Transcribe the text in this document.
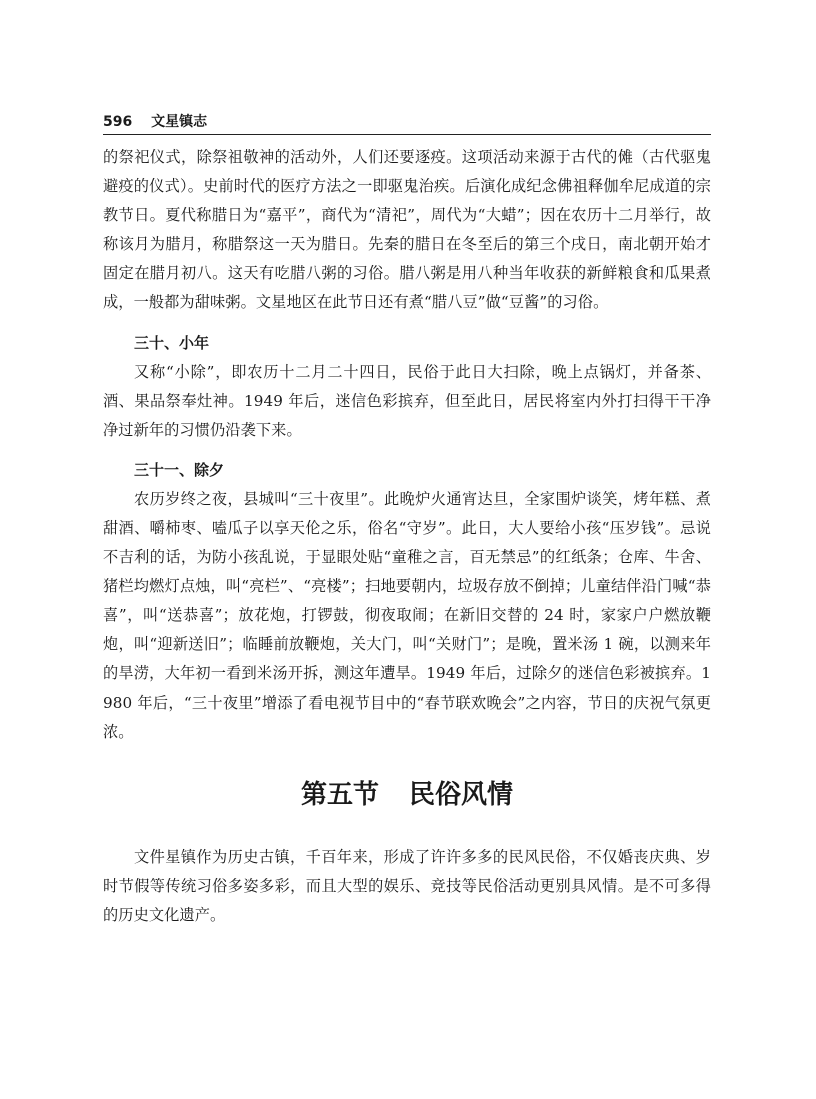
596 文星镇志

的祭祀仪式，除祭祖敬神的活动外，人们还要逐疫。这项活动来源于古代的傩（古代驱鬼避疫的仪式）。史前时代的医疗方法之一即驱鬼治疾。后演化成纪念佛祖释伽牟尼成道的宗教节日。夏代称腊日为“嘉平”，商代为“清祀”，周代为“大蜡”；因在农历十二月举行，故称该月为腊月，称腊祭这一天为腊日。先秦的腊日在冬至后的第三个戌日，南北朝开始才固定在腊月初八。这天有吃腊八粥的习俗。腊八粥是用八种当年收获的新鲜粮食和瓜果煮成，一般都为甜味粥。文星地区在此节日还有煮“腊八豆”做“豆酱”的习俗。

三十、小年

又称“小除”，即农历十二月二十四日，民俗于此日大扫除，晚上点锅灯，并备茶、酒、果品祭奉灶神。1949 年后，迷信色彩摈弃，但至此日，居民将室内外打扫得干干净净过新年的习惯仍沿袭下来。

三十一、除夕

农历岁终之夜，县城叫“三十夜里”。此晚炉火通宵达旦，全家围炉谈笑，烤年糕、煮甜酒、嚼柿枣、嗑瓜子以享天伦之乐，俗名“守岁”。此日，大人要给小孩“压岁钱”。忌说不吉利的话，为防小孩乱说，于显眼处贴“童稚之言，百无禁忌”的红纸条；仓库、牛舍、猪栏均燃灯点烛，叫“亮栏”、“亮楼”；扫地要朝内，垃圾存放不倒掉；儿童结伴沿门喊“恭喜”，叫“送恭喜”；放花炮，打锣鼓，彻夜取闹；在新旧交替的 24 时，家家户户燃放鞭炮，叫“迎新送旧”；临睡前放鞭炮，关大门，叫“关财门”；是晚，置米汤 1 碗，以测来年的旱涝，大年初一看到米汤开拆，测这年遭旱。1949 年后，过除夕的迷信色彩被摈弃。1980 年后，“三十夜里”增添了看电视节目中的“春节联欢晚会”之内容，节日的庆祝气氛更浓。

第五节 民俗风情

文件星镇作为历史古镇，千百年来，形成了许许多多的民风民俗，不仅婚丧庆典、岁时节假等传统习俗多姿多彩，而且大型的娱乐、竞技等民俗活动更别具风情。是不可多得的历史文化遗产。
